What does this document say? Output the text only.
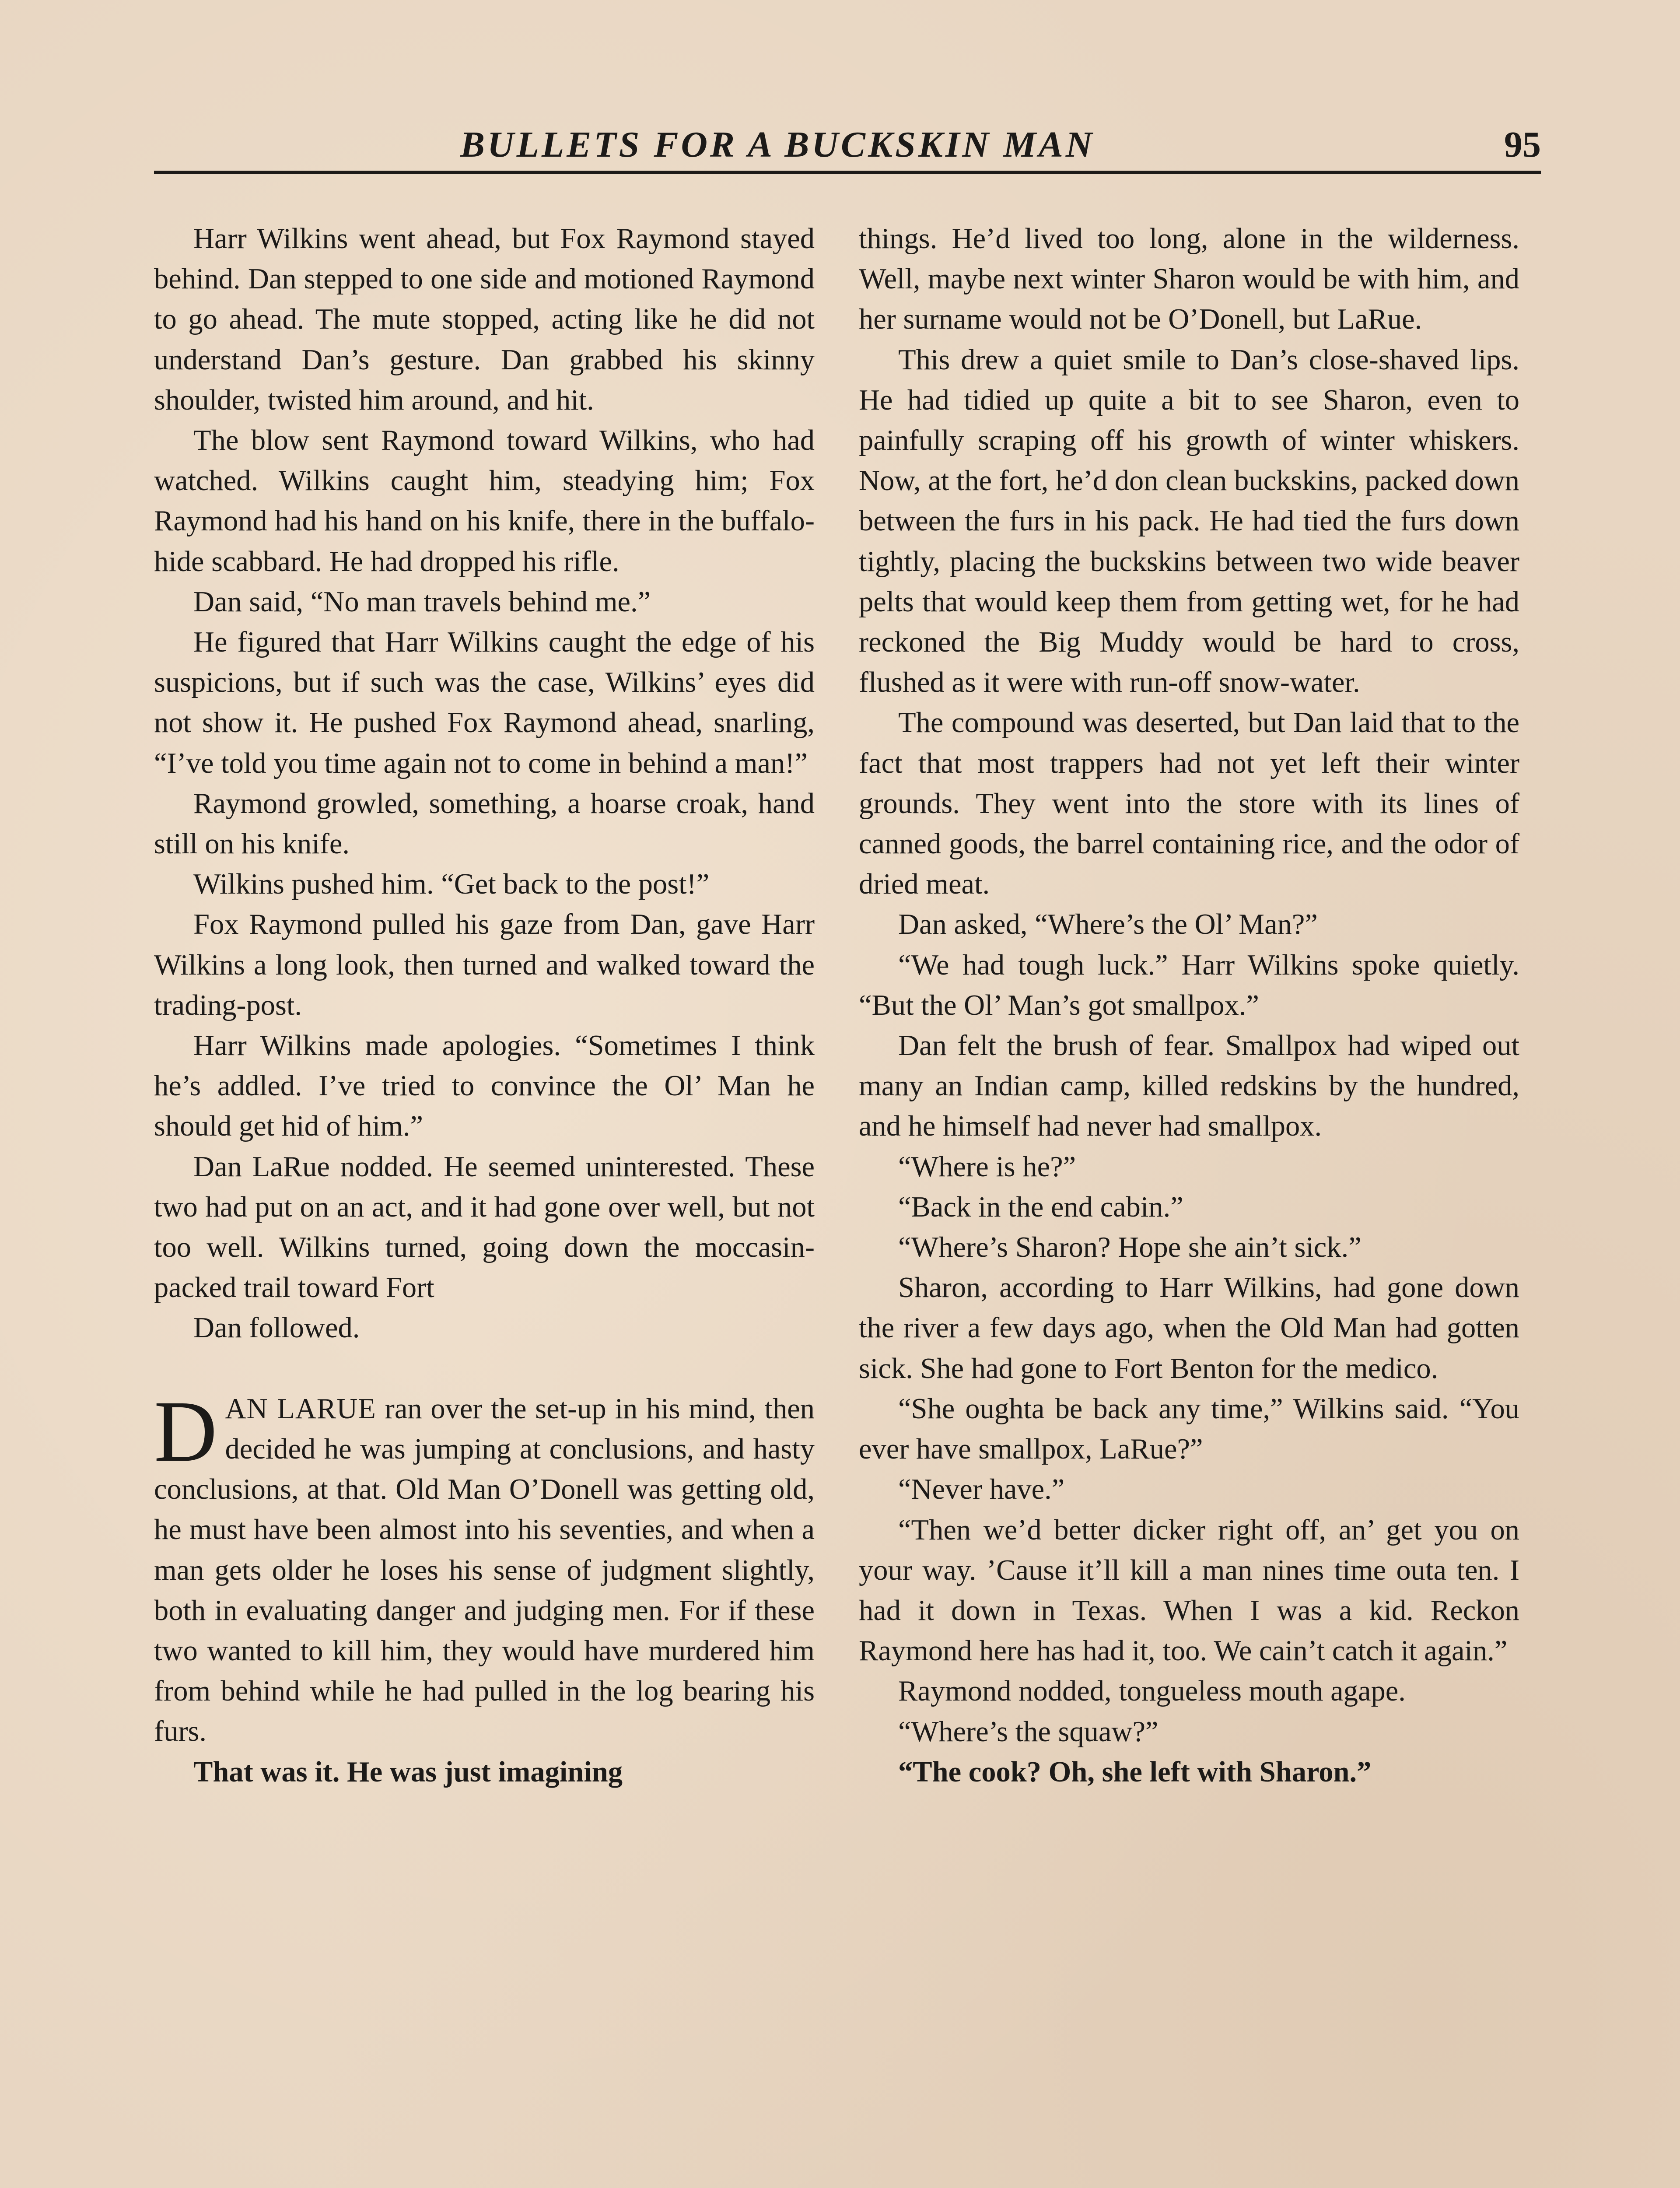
BULLETS FOR A BUCKSKIN MAN	95

Harr Wilkins went ahead, but Fox Raymond stayed behind. Dan stepped to one side and motioned Raymond to go ahead. The mute stopped, acting like he did not understand Dan’s gesture. Dan grabbed his skinny shoulder, twisted him around, and hit.

The blow sent Raymond toward Wilkins, who had watched. Wilkins caught him, steadying him; Fox Raymond had his hand on his knife, there in the buffalo-hide scabbard. He had dropped his rifle.

Dan said, “No man travels behind me.”

He figured that Harr Wilkins caught the edge of his suspicions, but if such was the case, Wilkins’ eyes did not show it. He pushed Fox Raymond ahead, snarling, “I’ve told you time again not to come in behind a man!”

Raymond growled, something, a hoarse croak, hand still on his knife.

Wilkins pushed him. “Get back to the post!”

Fox Raymond pulled his gaze from Dan, gave Harr Wilkins a long look, then turned and walked toward the trading-post.

Harr Wilkins made apologies. “Sometimes I think he’s addled. I’ve tried to convince the Ol’ Man he should get hid of him.”

Dan LaRue nodded. He seemed uninterested. These two had put on an act, and it had gone over well, but not too well. Wilkins turned, going down the moccasin-packed trail toward Fort

Dan followed.

DAN LARUE ran over the set-up in his mind, then decided he was jumping at conclusions, and hasty conclusions, at that. Old Man O’Donell was getting old, he must have been almost into his seventies, and when a man gets older he loses his sense of judgment slightly, both in evaluating danger and judging men. For if these two wanted to kill him, they would have murdered him from behind while he had pulled in the log bearing his furs.

That was it. He was just imagining

things. He’d lived too long, alone in the wilderness. Well, maybe next winter Sharon would be with him, and her surname would not be O’Donell, but LaRue.

This drew a quiet smile to Dan’s close-shaved lips. He had tidied up quite a bit to see Sharon, even to painfully scraping off his growth of winter whiskers. Now, at the fort, he’d don clean buckskins, packed down between the furs in his pack. He had tied the furs down tightly, placing the buckskins between two wide beaver pelts that would keep them from getting wet, for he had reckoned the Big Muddy would be hard to cross, flushed as it were with run-off snow-water.

The compound was deserted, but Dan laid that to the fact that most trappers had not yet left their winter grounds. They went into the store with its lines of canned goods, the barrel containing rice, and the odor of dried meat.

Dan asked, “Where’s the Ol’ Man?”

“We had tough luck.” Harr Wilkins spoke quietly. “But the Ol’ Man’s got smallpox.”

Dan felt the brush of fear. Smallpox had wiped out many an Indian camp, killed redskins by the hundred, and he himself had never had smallpox.

“Where is he?”

“Back in the end cabin.”

“Where’s Sharon? Hope she ain’t sick.”

Sharon, according to Harr Wilkins, had gone down the river a few days ago, when the Old Man had gotten sick. She had gone to Fort Benton for the medico.

“She oughta be back any time,” Wilkins said. “You ever have smallpox, LaRue?”

“Never have.”

“Then we’d better dicker right off, an’ get you on your way. ’Cause it’ll kill a man nines time outa ten. I had it down in Texas. When I was a kid. Reckon Raymond here has had it, too. We cain’t catch it again.”

Raymond nodded, tongueless mouth agape.

“Where’s the squaw?”

“The cook? Oh, she left with Sharon.”
